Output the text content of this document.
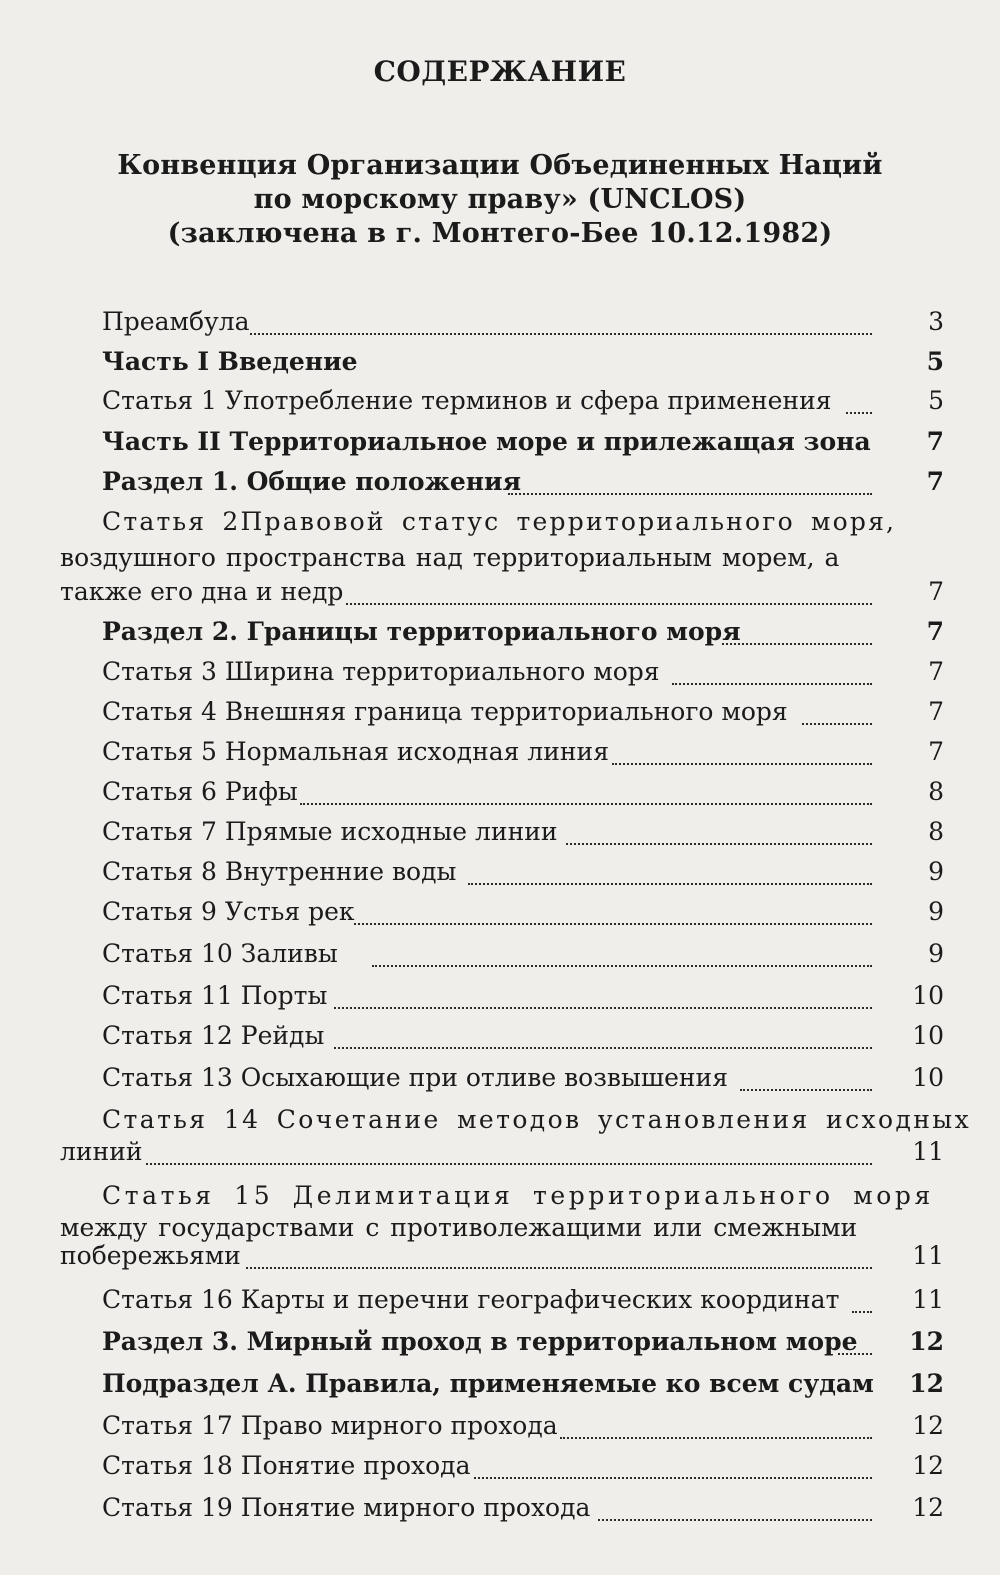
СОДЕРЖАНИЕ
Конвенция Организации Объединенных Наций
по морскому праву» (UNCLOS)
(заключена в г. Монтего-Бее 10.12.1982)
Преамбула	3
Часть I Введение	5
Статья 1 Употребление терминов и сфера применения	5
Часть II Территориальное море и прилежащая зона	7
Раздел 1. Общие положения	7
Статья 2Правовой статус территориального моря,
воздушного пространства над территориальным морем, а
также его дна и недр	7
Раздел 2. Границы территориального моря	7
Статья 3 Ширина территориального моря	7
Статья 4 Внешняя граница территориального моря	7
Статья 5 Нормальная исходная линия	7
Статья 6 Рифы	8
Статья 7 Прямые исходные линии	8
Статья 8 Внутренние воды	9
Статья 9 Устья рек	9
Статья 10 Заливы	9
Статья 11 Порты	10
Статья 12 Рейды	10
Статья 13 Осыхающие при отливе возвышения	10
Статья 14 Сочетание методов установления исходных
линий	11
Статья 15 Делимитация территориального моря
между государствами с противолежащими или смежными
побережьями	11
Статья 16 Карты и перечни географических координат	11
Раздел 3. Мирный проход в территориальном море	12
Подраздел А. Правила, применяемые ко всем судам	12
Статья 17 Право мирного прохода	12
Статья 18 Понятие прохода	12
Статья 19 Понятие мирного прохода	12
